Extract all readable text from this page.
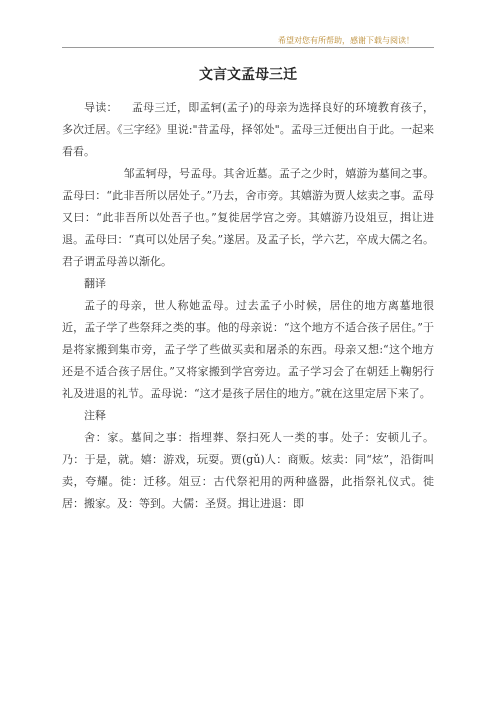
希望对您有所帮助，感谢下载与阅读！
文言文孟母三迁

导读： 孟母三迁，即孟轲(孟子)的母亲为选择良好的环境教育孩子，多次迁居。《三字经》里说:"昔孟母，择邻处"。孟母三迁便出自于此。一起来看看。

邹孟轲母，号孟母。其舍近墓。孟子之少时，嬉游为墓间之事。孟母曰：“此非吾所以居处子。”乃去，舍市旁。其嬉游为贾人炫卖之事。孟母又曰：“此非吾所以处吾子也。”复徙居学宫之旁。其嬉游乃设俎豆，揖让进退。孟母曰：“真可以处居子矣。”遂居。及孟子长，学六艺，卒成大儒之名。君子谓孟母善以渐化。

翻译

孟子的母亲，世人称她孟母。过去孟子小时候，居住的地方离墓地很近，孟子学了些祭拜之类的事。他的母亲说：“这个地方不适合孩子居住。”于是将家搬到集市旁，孟子学了些做买卖和屠杀的东西。母亲又想:“这个地方还是不适合孩子居住。”又将家搬到学宫旁边。孟子学习会了在朝廷上鞠躬行礼及进退的礼节。孟母说：“这才是孩子居住的地方。”就在这里定居下来了。

注释

舍：家。墓间之事：指埋葬、祭扫死人一类的事。处子：安顿儿子。乃：于是，就。嬉：游戏，玩耍。贾(gǔ)人：商贩。炫卖：同“炫”，沿街叫卖，夸耀。徙：迁移。俎豆：古代祭祀用的两种盛器，此指祭礼仪式。徙居：搬家。及：等到。大儒：圣贤。揖让进退：即
